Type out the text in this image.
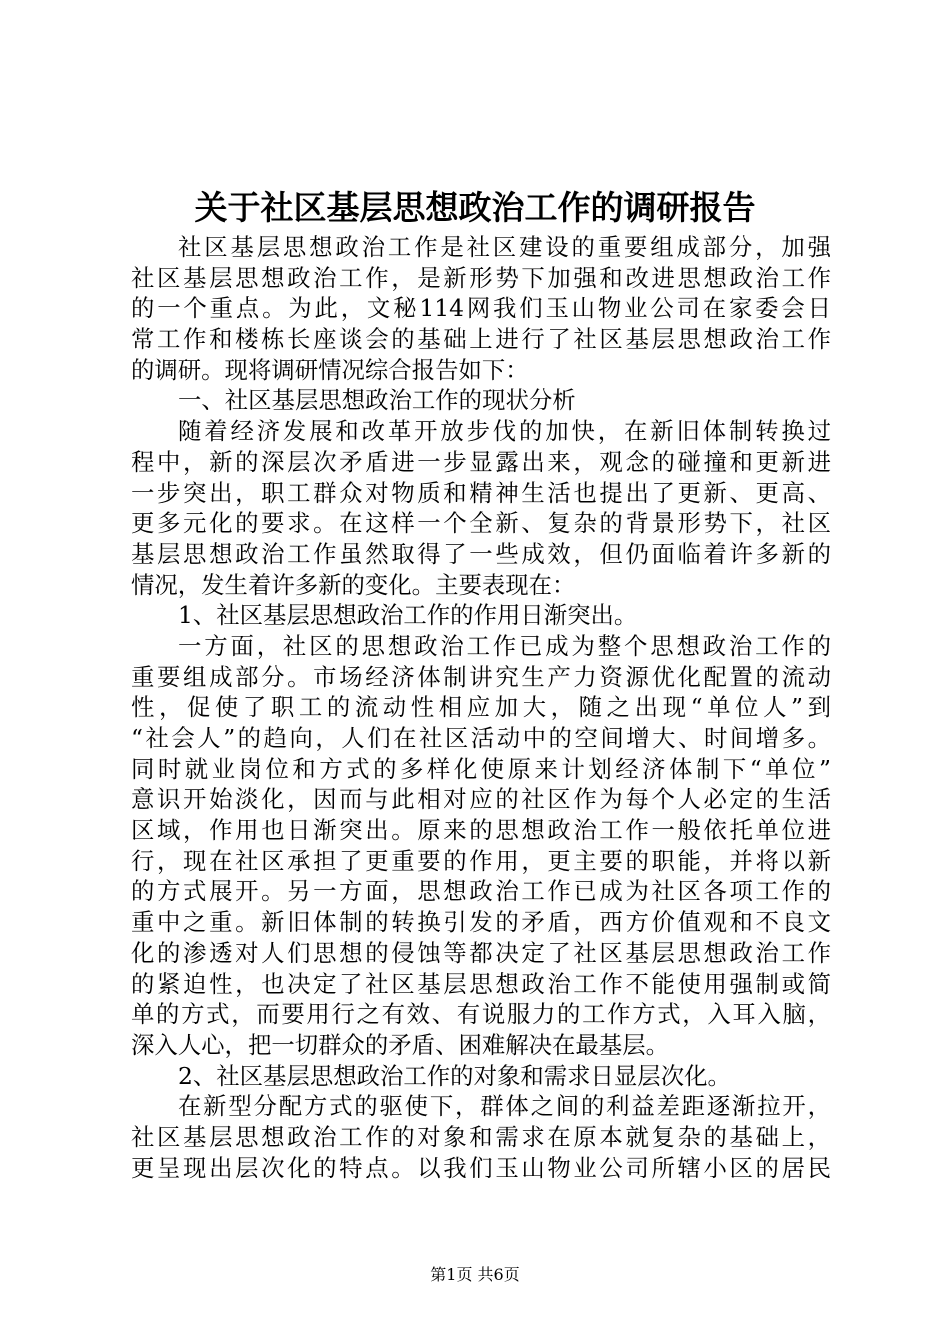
关于社区基层思想政治工作的调研报告
社区基层思想政治工作是社区建设的重要组成部分，加强
社区基层思想政治工作，是新形势下加强和改进思想政治工作
的一个重点。为此，文秘114网我们玉山物业公司在家委会日
常工作和楼栋长座谈会的基础上进行了社区基层思想政治工作
的调研。现将调研情况综合报告如下：
一、社区基层思想政治工作的现状分析
随着经济发展和改革开放步伐的加快，在新旧体制转换过
程中，新的深层次矛盾进一步显露出来，观念的碰撞和更新进
一步突出，职工群众对物质和精神生活也提出了更新、更高、
更多元化的要求。在这样一个全新、复杂的背景形势下，社区
基层思想政治工作虽然取得了一些成效，但仍面临着许多新的
情况，发生着许多新的变化。主要表现在：
1、社区基层思想政治工作的作用日渐突出。
一方面，社区的思想政治工作已成为整个思想政治工作的
重要组成部分。市场经济体制讲究生产力资源优化配置的流动
性，促使了职工的流动性相应加大，随之出现“单位人”到
“社会人”的趋向，人们在社区活动中的空间增大、时间增多。
同时就业岗位和方式的多样化使原来计划经济体制下“单位”
意识开始淡化，因而与此相对应的社区作为每个人必定的生活
区域，作用也日渐突出。原来的思想政治工作一般依托单位进
行，现在社区承担了更重要的作用，更主要的职能，并将以新
的方式展开。另一方面，思想政治工作已成为社区各项工作的
重中之重。新旧体制的转换引发的矛盾，西方价值观和不良文
化的渗透对人们思想的侵蚀等都决定了社区基层思想政治工作
的紧迫性，也决定了社区基层思想政治工作不能使用强制或简
单的方式，而要用行之有效、有说服力的工作方式，入耳入脑，
深入人心，把一切群众的矛盾、困难解决在最基层。
2、社区基层思想政治工作的对象和需求日显层次化。
在新型分配方式的驱使下，群体之间的利益差距逐渐拉开，
社区基层思想政治工作的对象和需求在原本就复杂的基础上，
更呈现出层次化的特点。以我们玉山物业公司所辖小区的居民
第1页 共6页
